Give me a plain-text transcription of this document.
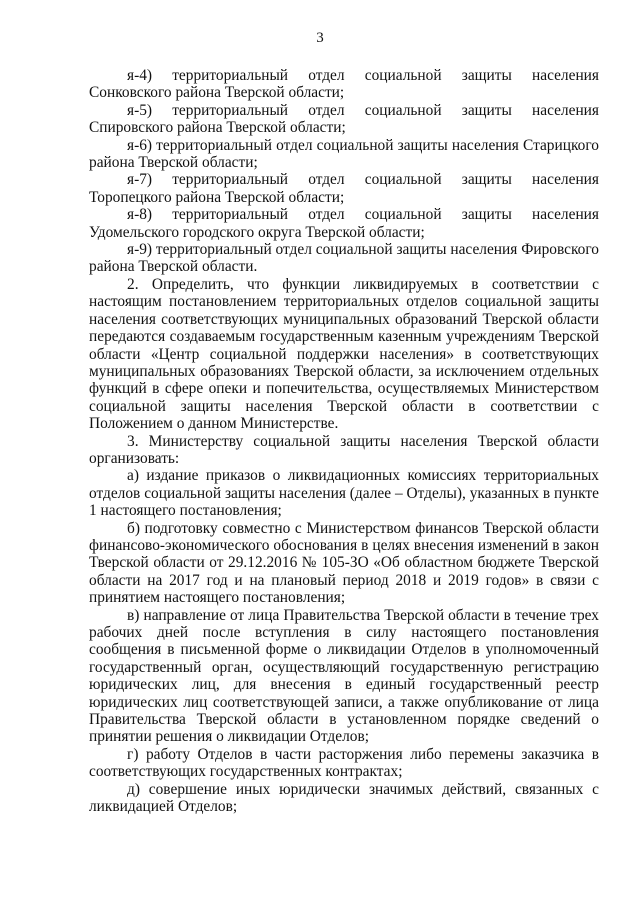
3

я-4) территориальный отдел социальной защиты населения Сонковского района Тверской области;

я-5) территориальный отдел социальной защиты населения Спировского района Тверской области;

я-6) территориальный отдел социальной защиты населения Старицкого района Тверской области;

я-7) территориальный отдел социальной защиты населения Торопецкого района Тверской области;

я-8) территориальный отдел социальной защиты населения Удомельского городского округа Тверской области;

я-9) территориальный отдел социальной защиты населения Фировского района Тверской области.

2. Определить, что функции ликвидируемых в соответствии с настоящим постановлением территориальных отделов социальной защиты населения соответствующих муниципальных образований Тверской области передаются создаваемым государственным казенным учреждениям Тверской области «Центр социальной поддержки населения» в соответствующих муниципальных образованиях Тверской области, за исключением отдельных функций в сфере опеки и попечительства, осуществляемых Министерством социальной защиты населения Тверской области в соответствии с Положением о данном Министерстве.

3. Министерству социальной защиты населения Тверской области организовать:

а) издание приказов о ликвидационных комиссиях территориальных отделов социальной защиты населения (далее – Отделы), указанных в пункте 1 настоящего постановления;

б) подготовку совместно с Министерством финансов Тверской области финансово-экономического обоснования в целях внесения изменений в закон Тверской области от 29.12.2016 № 105-ЗО «Об областном бюджете Тверской области на 2017 год и на плановый период 2018 и 2019 годов» в связи с принятием настоящего постановления;

в) направление от лица Правительства Тверской области в течение трех рабочих дней после вступления в силу настоящего постановления сообщения в письменной форме о ликвидации Отделов в уполномоченный государственный орган, осуществляющий государственную регистрацию юридических лиц, для внесения в единый государственный реестр юридических лиц соответствующей записи, а также опубликование от лица Правительства Тверской области в установленном порядке сведений о принятии решения о ликвидации Отделов;

г) работу Отделов в части расторжения либо перемены заказчика в соответствующих государственных контрактах;

д) совершение иных юридически значимых действий, связанных с ликвидацией Отделов;
